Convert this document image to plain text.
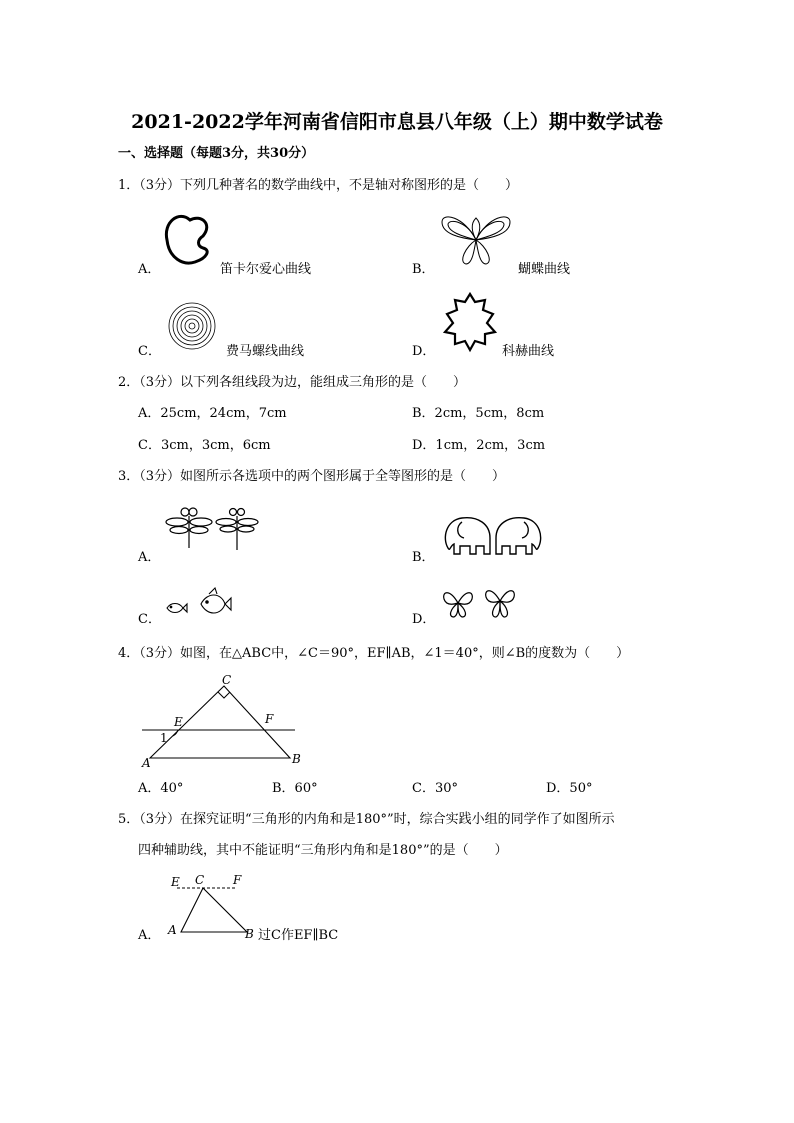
2021-2022学年河南省信阳市息县八年级（上）期中数学试卷
一、选择题（每题3分，共30分）
1．（3分）下列几种著名的数学曲线中，不是轴对称图形的是（　　）
A．	笛卡尔爱心曲线	B．	蝴蝶曲线
C．	费马螺线曲线	D．	科赫曲线
2．（3分）以下列各组线段为边，能组成三角形的是（　　）
A．25cm，24cm，7cm	B．2cm，5cm，8cm
C．3cm，3cm，6cm	D．1cm，2cm，3cm
3．（3分）如图所示各选项中的两个图形属于全等图形的是（　　）
A．	B．
C．	D．
4．（3分）如图，在△ABC中，∠C＝90°，EF∥AB，∠1＝40°，则∠B的度数为（　　）
C
E	F
1
A	B
A．40°	B．60°	C．30°	D．50°
5．（3分）在探究证明“三角形的内角和是180°”时，综合实践小组的同学作了如图所示
四种辅助线，其中不能证明“三角形内角和是180°”的是（　　）
A．
E C F
A	B 过C作EF∥BC
